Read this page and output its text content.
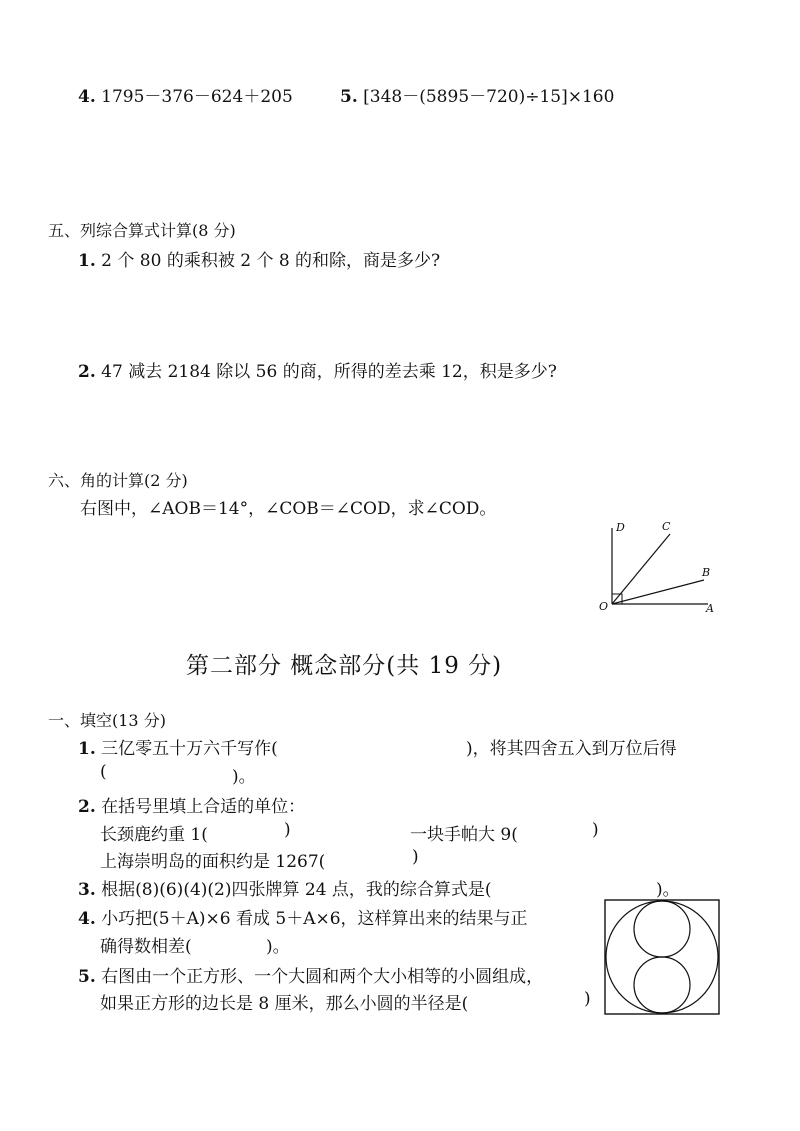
4. 1795－376－624＋205	5. [348－(5895－720)÷15]×160
五、列综合算式计算(8 分)
1. 2 个 80 的乘积被 2 个 8 的和除，商是多少?
2. 47 减去 2184 除以 56 的商，所得的差去乘 12，积是多少?
六、角的计算(2 分)
右图中，∠AOB＝14°，∠COB＝∠COD，求∠COD。
D	C
B
O	A
第二部分 概念部分(共 19 分)
一、填空(13 分)
1. 三亿零五十万六千写作(	)，将其四舍五入到万位后得
(	)。
2. 在括号里填上合适的单位：
长颈鹿约重 1(	)	一块手帕大 9(	)
上海崇明岛的面积约是 1267(	)
3. 根据(8)(6)(4)(2)四张牌算 24 点，我的综合算式是(	)。
4. 小巧把(5＋A)×6 看成 5＋A×6，这样算出来的结果与正
确得数相差(	)。
5. 右图由一个正方形、一个大圆和两个大小相等的小圆组成，
如果正方形的边长是 8 厘米，那么小圆的半径是(	)
